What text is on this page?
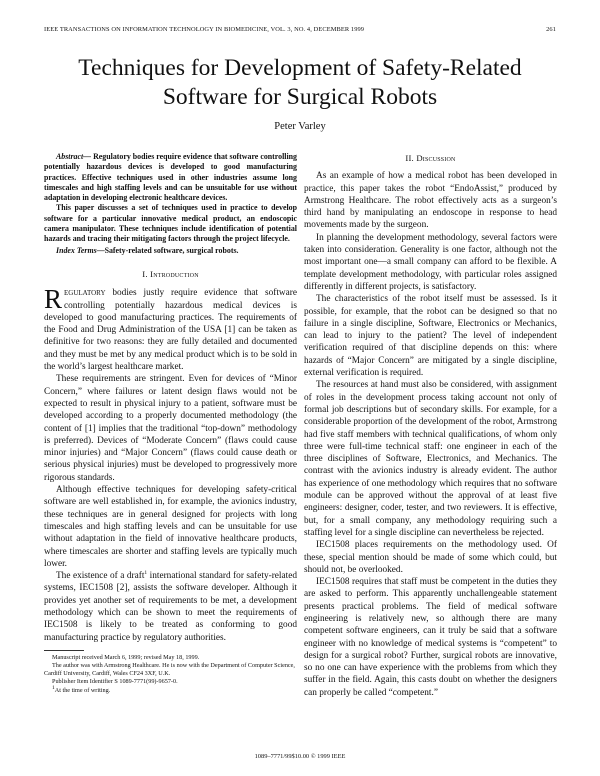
IEEE TRANSACTIONS ON INFORMATION TECHNOLOGY IN BIOMEDICINE, VOL. 3, NO. 4, DECEMBER 1999	261
Techniques for Development of Safety-Related
Software for Surgical Robots
Peter Varley

Abstract— Regulatory bodies require evidence that software controlling potentially hazardous devices is developed to good manufacturing practices. Effective techniques used in other industries assume long timescales and high staffing levels and can be unsuitable for use without adaptation in developing electronic healthcare devices.

This paper discusses a set of techniques used in practice to develop software for a particular innovative medical product, an endoscopic camera manipulator. These techniques include identification of potential hazards and tracing their mitigating factors through the project lifecycle.

Index Terms—Safety-related software, surgical robots.

I. Introduction

Regulatory bodies justly require evidence that software controlling potentially hazardous medical devices is developed to good manufacturing practices. The requirements of the Food and Drug Administration of the USA [1] can be taken as definitive for two reasons: they are fully detailed and documented and they must be met by any medical product which is to be sold in the world’s largest healthcare market.

These requirements are stringent. Even for devices of “Minor Concern,” where failures or latent design flaws would not be expected to result in physical injury to a patient, software must be developed according to a properly documented methodology (the content of [1] implies that the traditional “top-down” methodology is preferred). Devices of “Moderate Concern” (flaws could cause minor injuries) and “Major Concern” (flaws could cause death or serious physical injuries) must be developed to progressively more rigorous standards.

Although effective techniques for developing safety-critical software are well established in, for example, the avionics industry, these techniques are in general designed for projects with long timescales and high staffing levels and can be unsuitable for use without adaptation in the field of innovative healthcare products, where timescales are shorter and staffing levels are typically much lower.

The existence of a draft$^1$ international standard for safety-related systems, IEC1508 [2], assists the software developer. Although it provides yet another set of requirements to be met, a development methodology which can be shown to meet the requirements of IEC1508 is likely to be treated as conforming to good manufacturing practice by regulatory authorities.

Manuscript received March 6, 1999; revised May 18, 1999.

The author was with Armstrong Healthcare. He is now with the Department of Computer Science, Cardiff University, Cardiff, Wales CF24 3XF, U.K.

Publisher Item Identifier S 1089-7771(99)-9657-0.

$^1$At the time of writing.

II. Discussion

As an example of how a medical robot has been developed in practice, this paper takes the robot “EndoAssist,” produced by Armstrong Healthcare. The robot effectively acts as a surgeon’s third hand by manipulating an endoscope in response to head movements made by the surgeon.

In planning the development methodology, several factors were taken into consideration. Generality is one factor, although not the most important one—a small company can afford to be flexible. A template development methodology, with particular roles assigned differently in different projects, is satisfactory.

The characteristics of the robot itself must be assessed. Is it possible, for example, that the robot can be designed so that no failure in a single discipline, Software, Electronics or Mechanics, can lead to injury to the patient? The level of independent verification required of that discipline depends on this: where hazards of “Major Concern” are mitigated by a single discipline, external verification is required.

The resources at hand must also be considered, with assignment of roles in the development process taking account not only of formal job descriptions but of secondary skills. For example, for a considerable proportion of the development of the robot, Armstrong had five staff members with technical qualifications, of whom only three were full-time technical staff: one engineer in each of the three disciplines of Software, Electronics, and Mechanics. The contrast with the avionics industry is already evident. The author has experience of one methodology which requires that no software module can be approved without the approval of at least five engineers: designer, coder, tester, and two reviewers. It is effective, but, for a small company, any methodology requiring such a staffing level for a single discipline can nevertheless be rejected.

IEC1508 places requirements on the methodology used. Of these, special mention should be made of some which could, but should not, be overlooked.

IEC1508 requires that staff must be competent in the duties they are asked to perform. This apparently unchallengeable statement presents practical problems. The field of medical software engineering is relatively new, so although there are many competent software engineers, can it truly be said that a software engineer with no knowledge of medical systems is “competent” to design for a surgical robot? Further, surgical robots are innovative, so no one can have experience with the problems from which they suffer in the field. Again, this casts doubt on whether the designers can properly be called “competent.”

1089–7771/99$10.00 © 1999 IEEE
